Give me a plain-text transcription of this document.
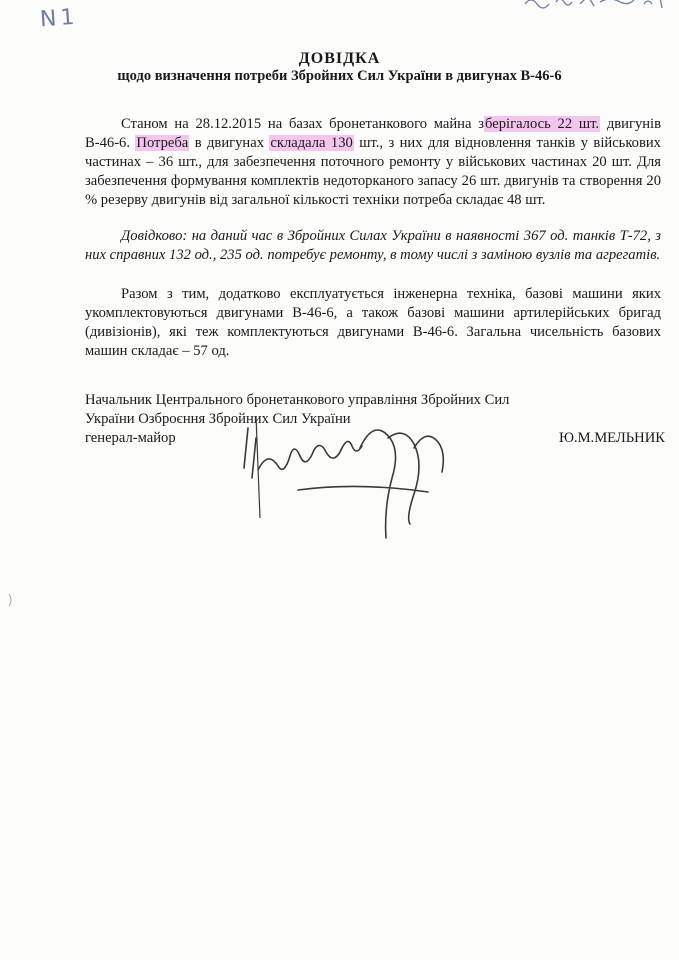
N1
ДОВІДКА
щодо визначення потреби Збройних Сил України в двигунах В-46-6
Станом на 28.12.2015 на базах бронетанкового майна зберігалось 22 шт. двигунів В-46-6. Потреба в двигунах складала 130 шт., з них для відновлення танків у військових частинах – 36 шт., для забезпечення поточного ремонту у військових частинах 20 шт. Для забезпечення формування комплектів недоторканого запасу 26 шт. двигунів та створення 20 % резерву двигунів від загальної кількості техніки потреба складає 48 шт.
Довідково: на даний час в Збройних Силах України в наявності 367 од. танків Т-72, з них справних 132 од., 235 од. потребує ремонту, в тому числі з заміною вузлів та агрегатів.
Разом з тим, додатково експлуатується інженерна техніка, базові машини яких укомплектовуються двигунами В-46-6, а також базові машини артилерійських бригад (дивізіонів), які теж комплектуються двигунами В-46-6. Загальна чисельність базових машин складає – 57 од.
Начальник Центрального бронетанкового управління Збройних Сил
України Озброєння Збройних Сил України
генерал-майор	Ю.М.МЕЛЬНИК
